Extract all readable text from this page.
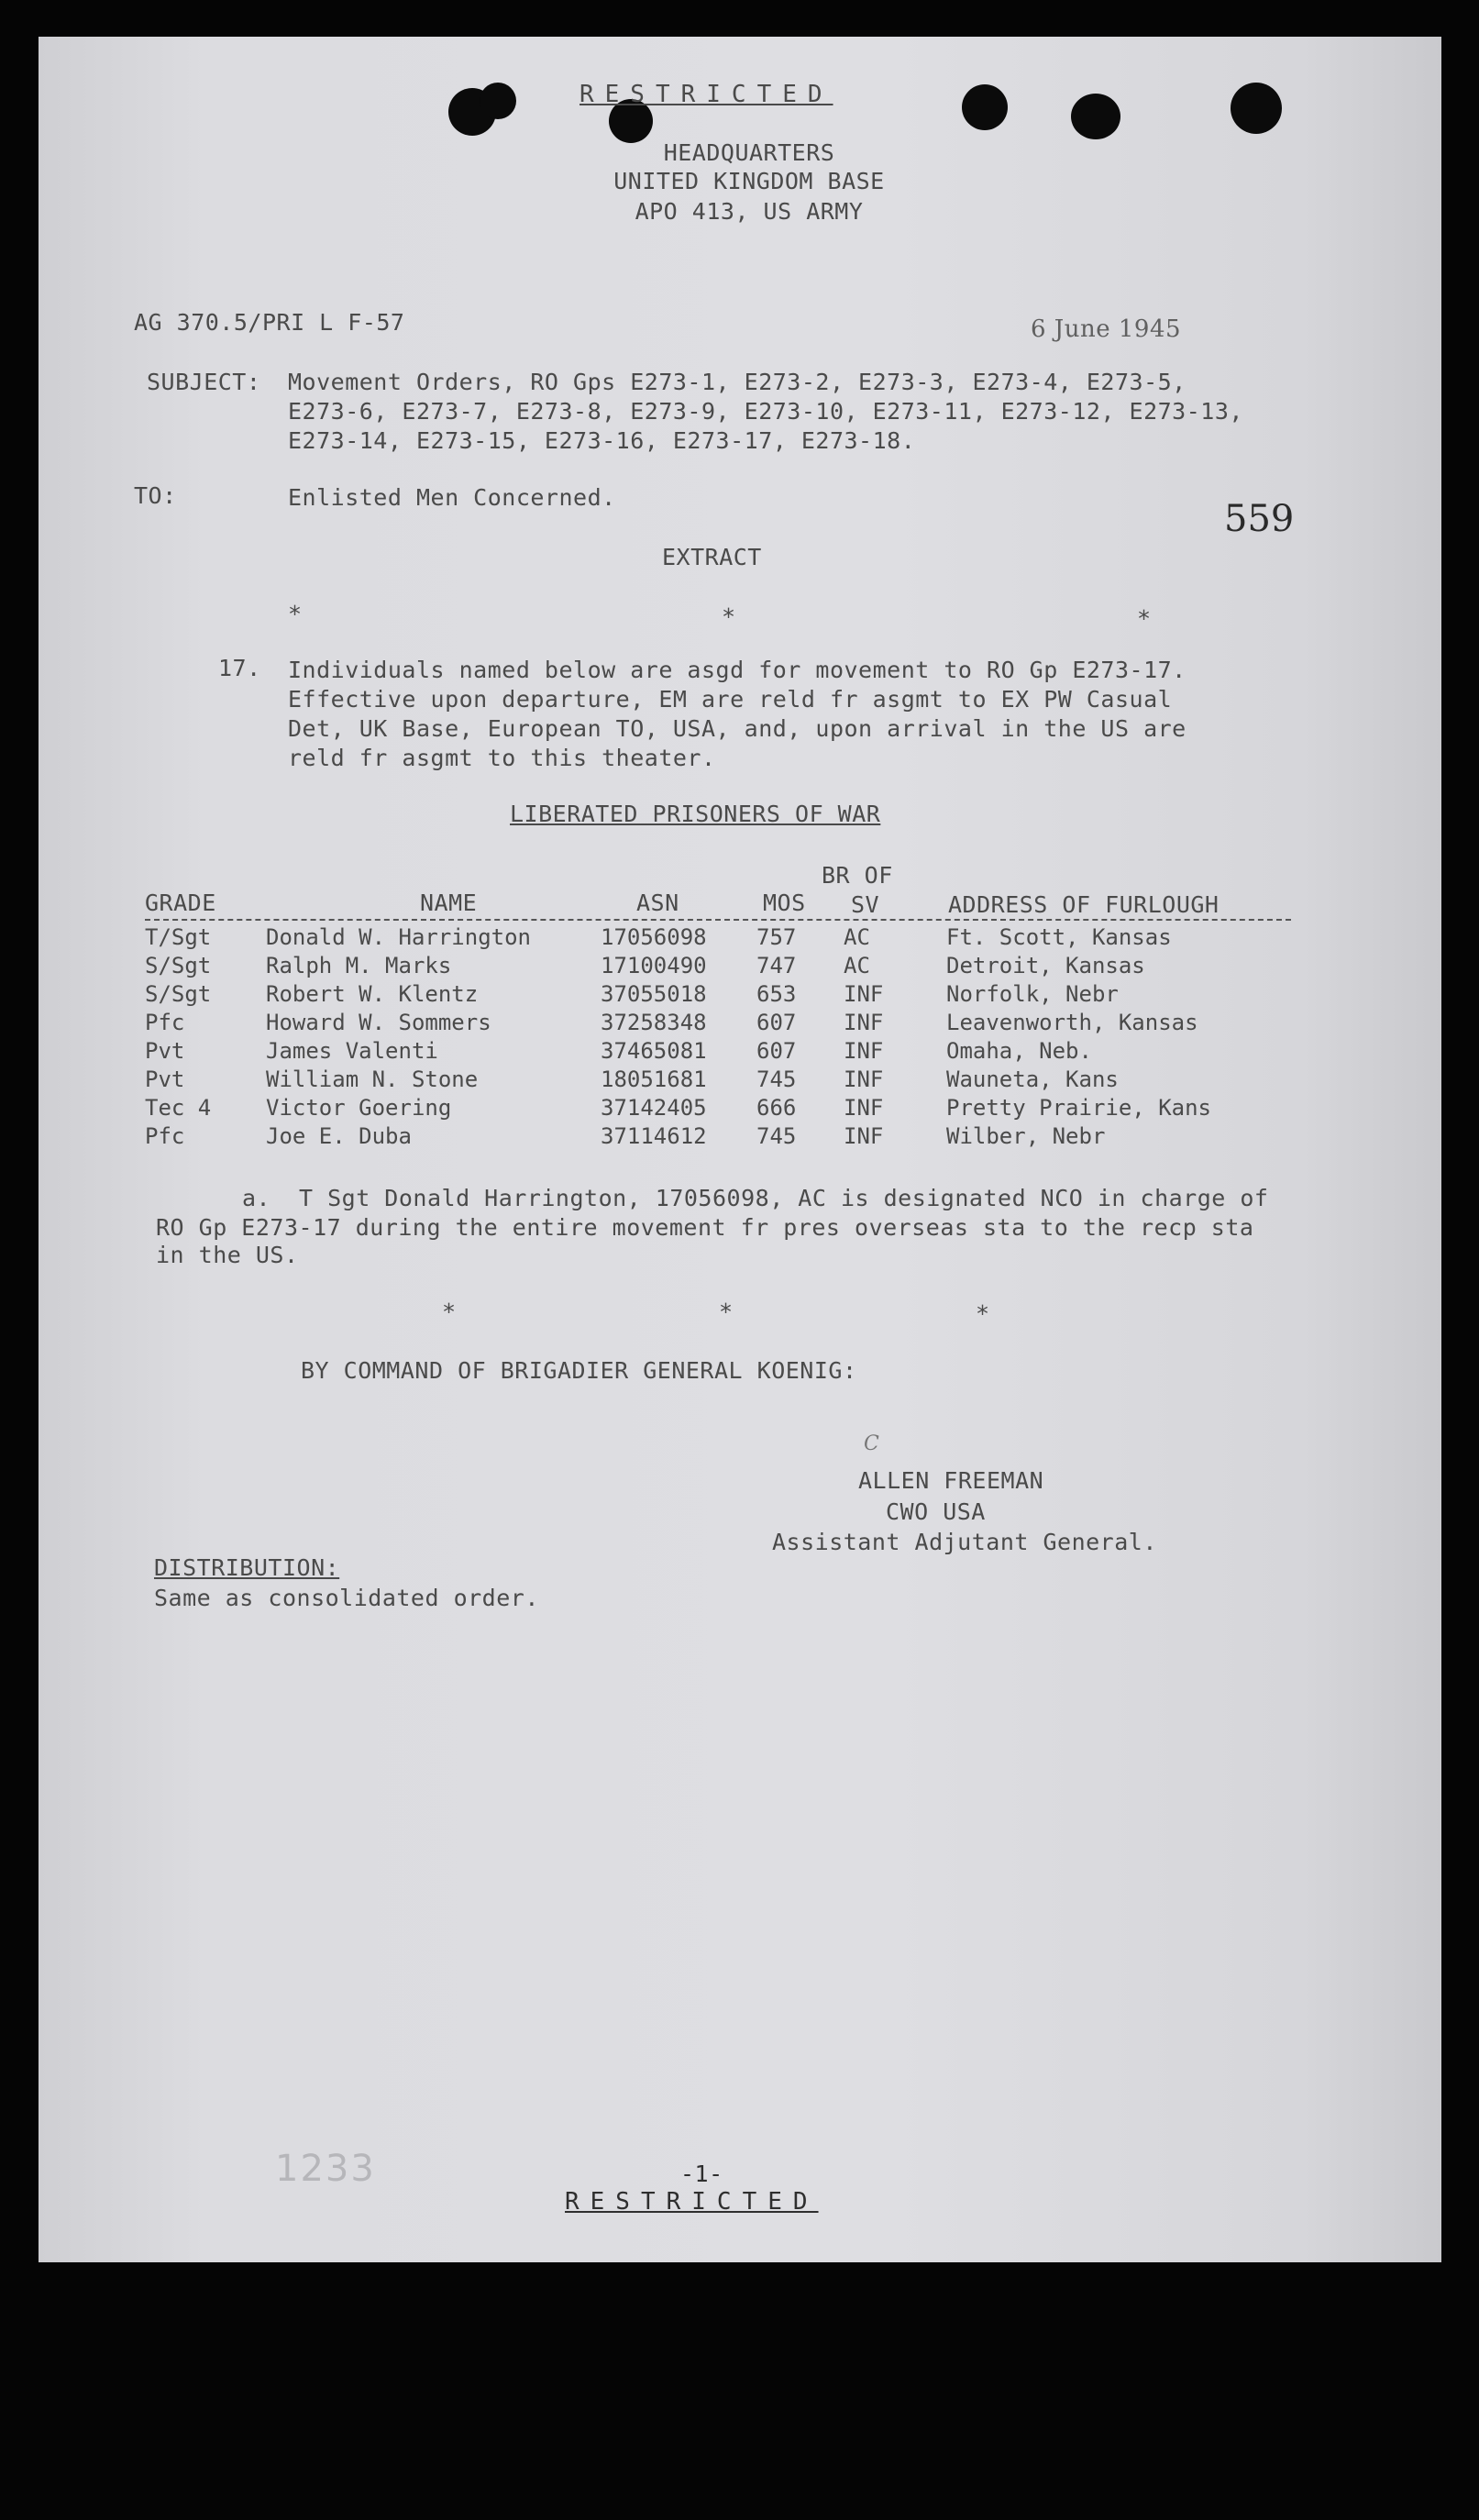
RESTRICTED
HEADQUARTERS
UNITED KINGDOM BASE
APO 413, US ARMY
AG 370.5/PRI L F-57	6 June 1945
SUBJECT: Movement Orders, RO Gps E273-1, E273-2, E273-3, E273-4, E273-5,
E273-6, E273-7, E273-8, E273-9, E273-10, E273-11, E273-12, E273-13,
E273-14, E273-15, E273-16, E273-17, E273-18.
TO:	Enlisted Men Concerned.
559
EXTRACT
*	*	*
17. Individuals named below are asgd for movement to RO Gp E273-17.
Effective upon departure, EM are reld fr asgmt to EX PW Casual
Det, UK Base, European TO, USA, and, upon arrival in the US are
reld fr asgmt to this theater.
LIBERATED PRISONERS OF WAR
BR OF
GRADE	NAME	ASN	MOS SV	ADDRESS OF FURLOUGH
T/Sgt	Donald W. Harrington	17056098	757	AC	Ft. Scott, Kansas
S/Sgt	Ralph M. Marks	17100490	747	AC	Detroit, Kansas
S/Sgt	Robert W. Klentz	37055018	653	INF	Norfolk, Nebr
Pfc	Howard W. Sommers	37258348	607	INF	Leavenworth, Kansas
Pvt	James Valenti	37465081	607	INF	Omaha, Neb.
Pvt	William N. Stone	18051681	745	INF	Wauneta, Kans
Tec 4	Victor Goering	37142405	666	INF	Pretty Prairie, Kans
Pfc	Joe E. Duba	37114612	745	INF	Wilber, Nebr
a. T Sgt Donald Harrington, 17056098, AC is designated NCO in charge of
RO Gp E273-17 during the entire movement fr pres overseas sta to the recp sta
in the US.
*	*	*
BY COMMAND OF BRIGADIER GENERAL KOENIG:
C
ALLEN FREEMAN
CWO USA
Assistant Adjutant General.
DISTRIBUTION:
Same as consolidated order.
1233	-1-
RESTRICTED
